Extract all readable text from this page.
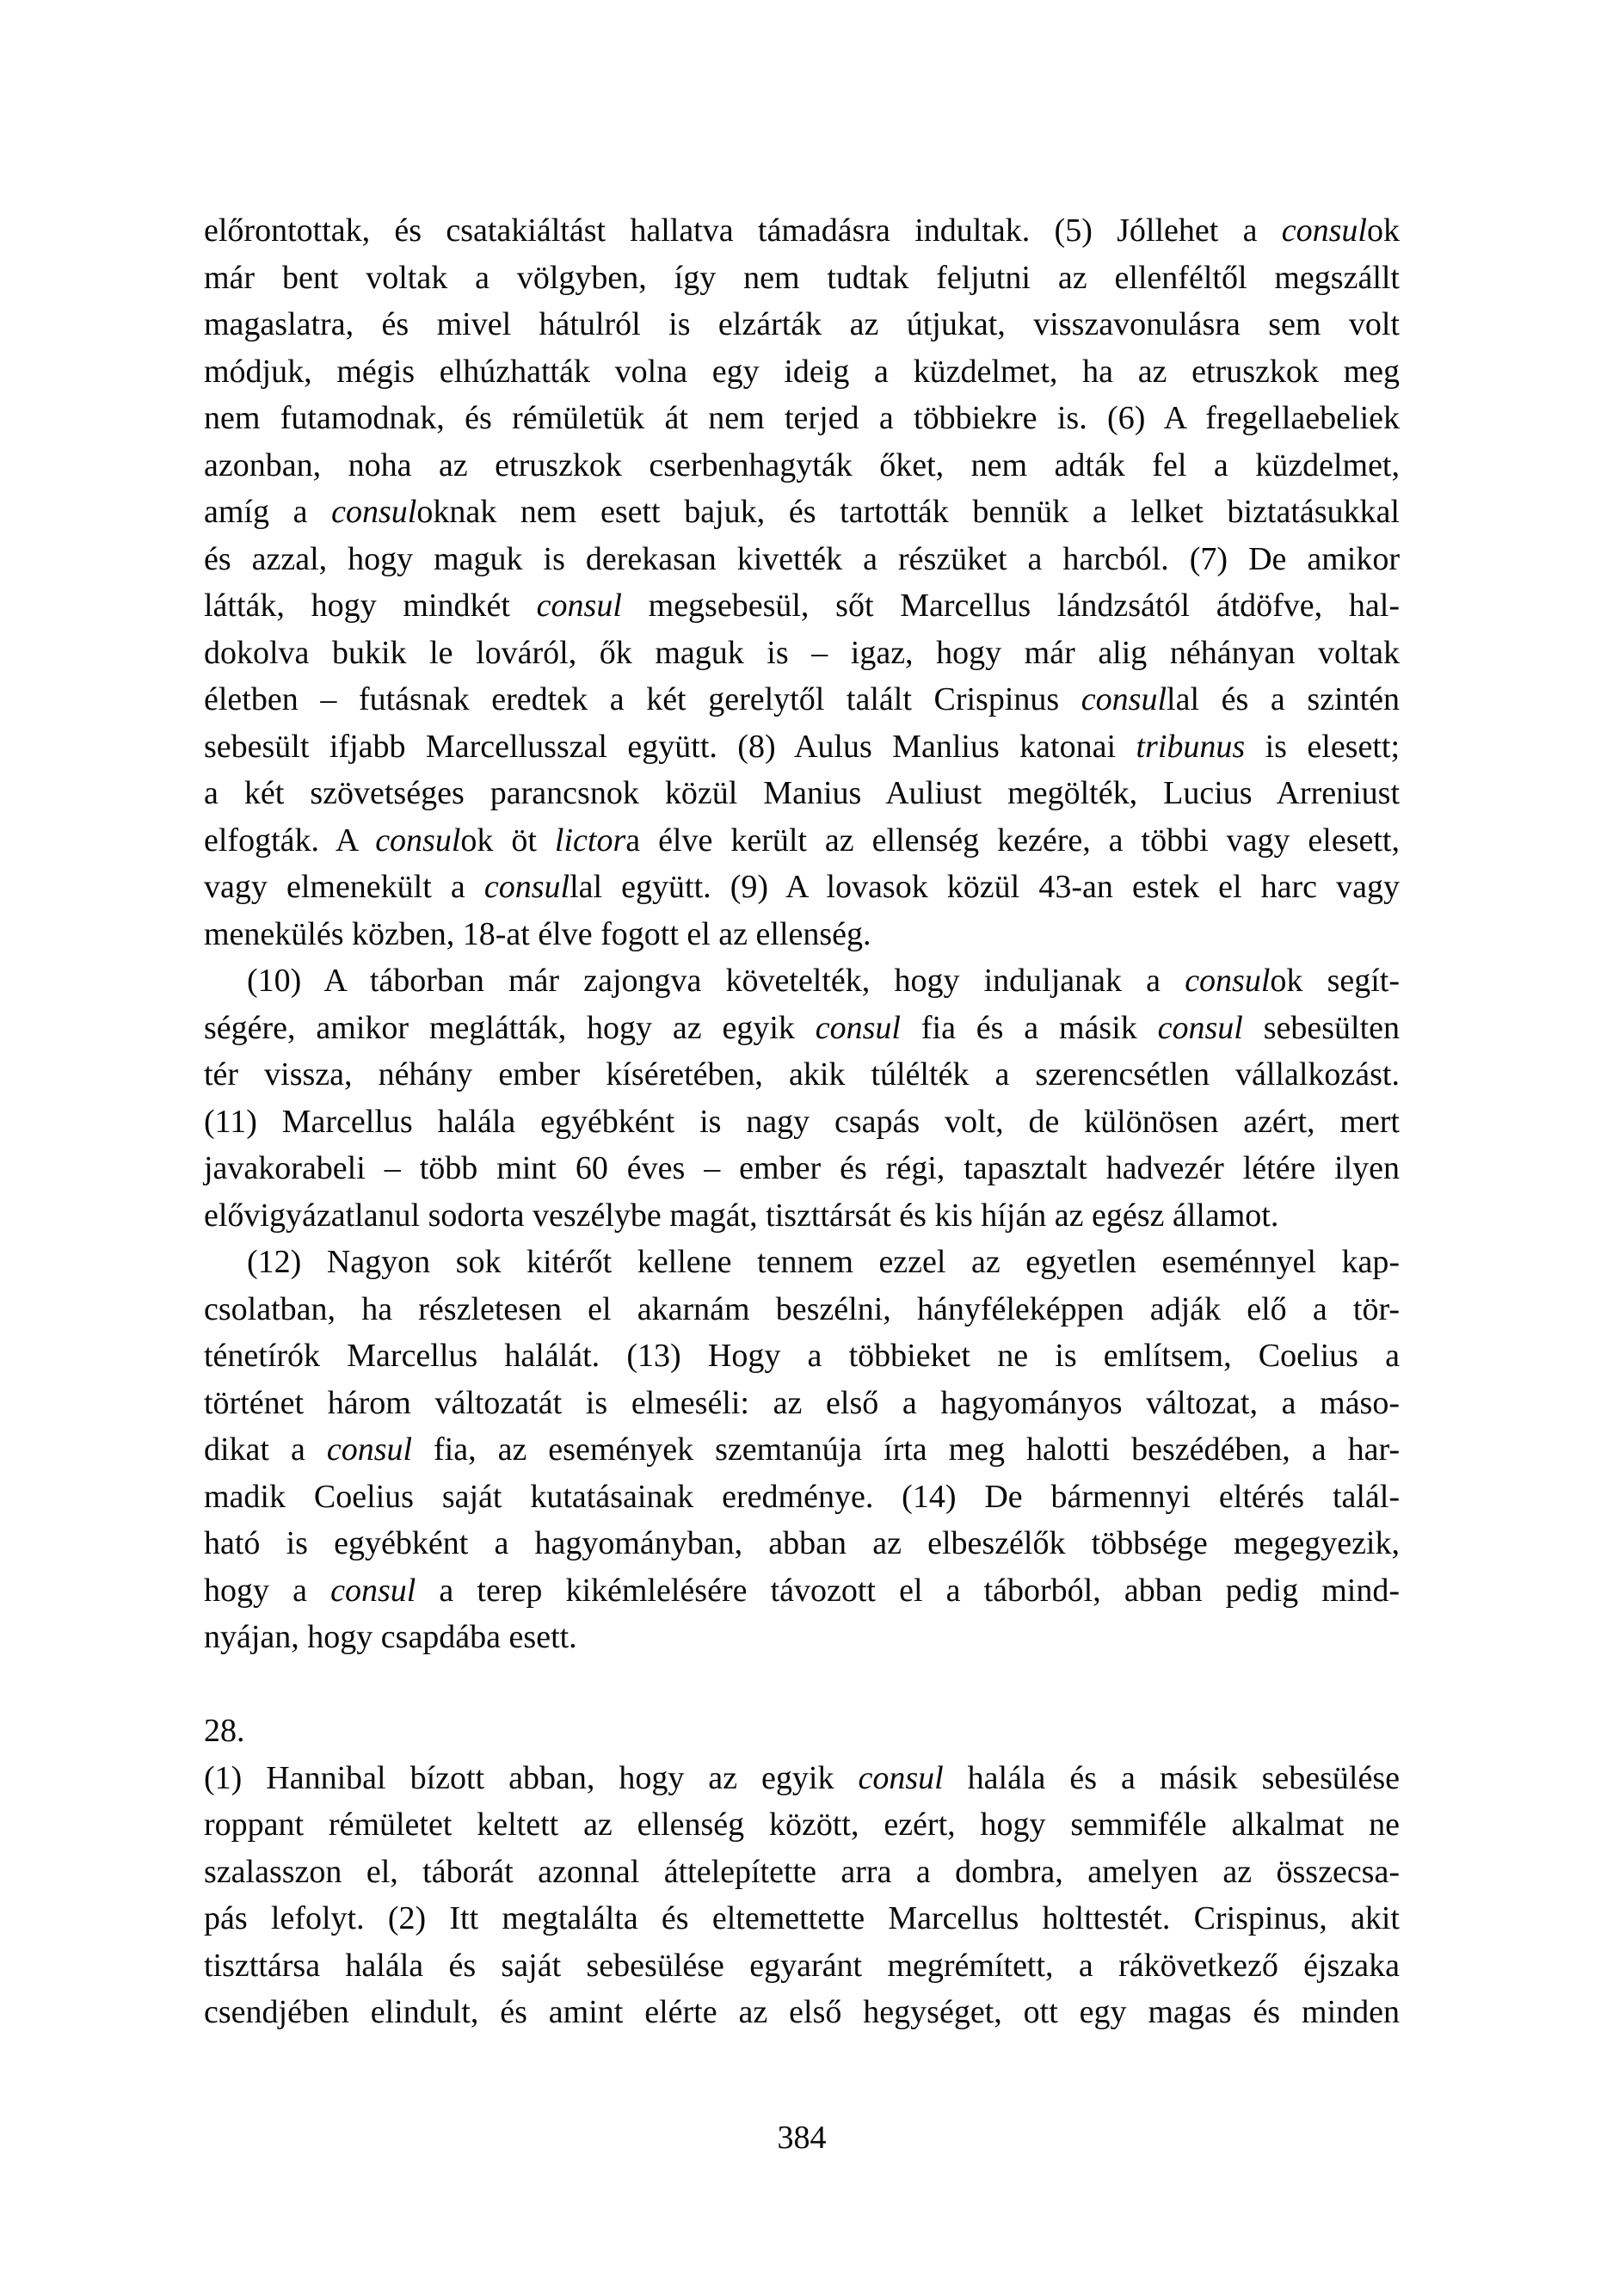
előrontottak, és csatakiáltást hallatva támadásra indultak. (5) Jóllehet a consulok
már bent voltak a völgyben, így nem tudtak feljutni az ellenféltől megszállt
magaslatra, és mivel hátulról is elzárták az útjukat, visszavonulásra sem volt
módjuk, mégis elhúzhatták volna egy ideig a küzdelmet, ha az etruszkok meg
nem futamodnak, és rémületük át nem terjed a többiekre is. (6) A fregellaebeliek
azonban, noha az etruszkok cserbenhagyták őket, nem adták fel a küzdelmet,
amíg a consuloknak nem esett bajuk, és tartották bennük a lelket biztatásukkal
és azzal, hogy maguk is derekasan kivették a részüket a harcból. (7) De amikor
látták, hogy mindkét consul megsebesül, sőt Marcellus lándzsától átdöfve, hal-
dokolva bukik le lováról, ők maguk is – igaz, hogy már alig néhányan voltak
életben – futásnak eredtek a két gerelytől talált Crispinus consullal és a szintén
sebesült ifjabb Marcellusszal együtt. (8) Aulus Manlius katonai tribunus is elesett;
a két szövetséges parancsnok közül Manius Auliust megölték, Lucius Arreniust
elfogták. A consulok öt lictora élve került az ellenség kezére, a többi vagy elesett,
vagy elmenekült a consullal együtt. (9) A lovasok közül 43-an estek el harc vagy
menekülés közben, 18-at élve fogott el az ellenség.
(10) A táborban már zajongva követelték, hogy induljanak a consulok segít-
ségére, amikor meglátták, hogy az egyik consul fia és a másik consul sebesülten
tér vissza, néhány ember kíséretében, akik túlélték a szerencsétlen vállalkozást.
(11) Marcellus halála egyébként is nagy csapás volt, de különösen azért, mert
javakorabeli – több mint 60 éves – ember és régi, tapasztalt hadvezér létére ilyen
elővigyázatlanul sodorta veszélybe magát, tiszttársát és kis híján az egész államot.
(12) Nagyon sok kitérőt kellene tennem ezzel az egyetlen eseménnyel kap-
csolatban, ha részletesen el akarnám beszélni, hányféleképpen adják elő a tör-
ténetírók Marcellus halálát. (13) Hogy a többieket ne is említsem, Coelius a
történet három változatát is elmeséli: az első a hagyományos változat, a máso-
dikat a consul fia, az események szemtanúja írta meg halotti beszédében, a har-
madik Coelius saját kutatásainak eredménye. (14) De bármennyi eltérés talál-
ható is egyébként a hagyományban, abban az elbeszélők többsége megegyezik,
hogy a consul a terep kikémlelésére távozott el a táborból, abban pedig mind-
nyájan, hogy csapdába esett.
28.
(1) Hannibal bízott abban, hogy az egyik consul halála és a másik sebesülése
roppant rémületet keltett az ellenség között, ezért, hogy semmiféle alkalmat ne
szalasszon el, táborát azonnal áttelepítette arra a dombra, amelyen az összecsa-
pás lefolyt. (2) Itt megtalálta és eltemettette Marcellus holttestét. Crispinus, akit
tiszttársa halála és saját sebesülése egyaránt megrémített, a rákövetkező éjszaka
csendjében elindult, és amint elérte az első hegységet, ott egy magas és minden
384
